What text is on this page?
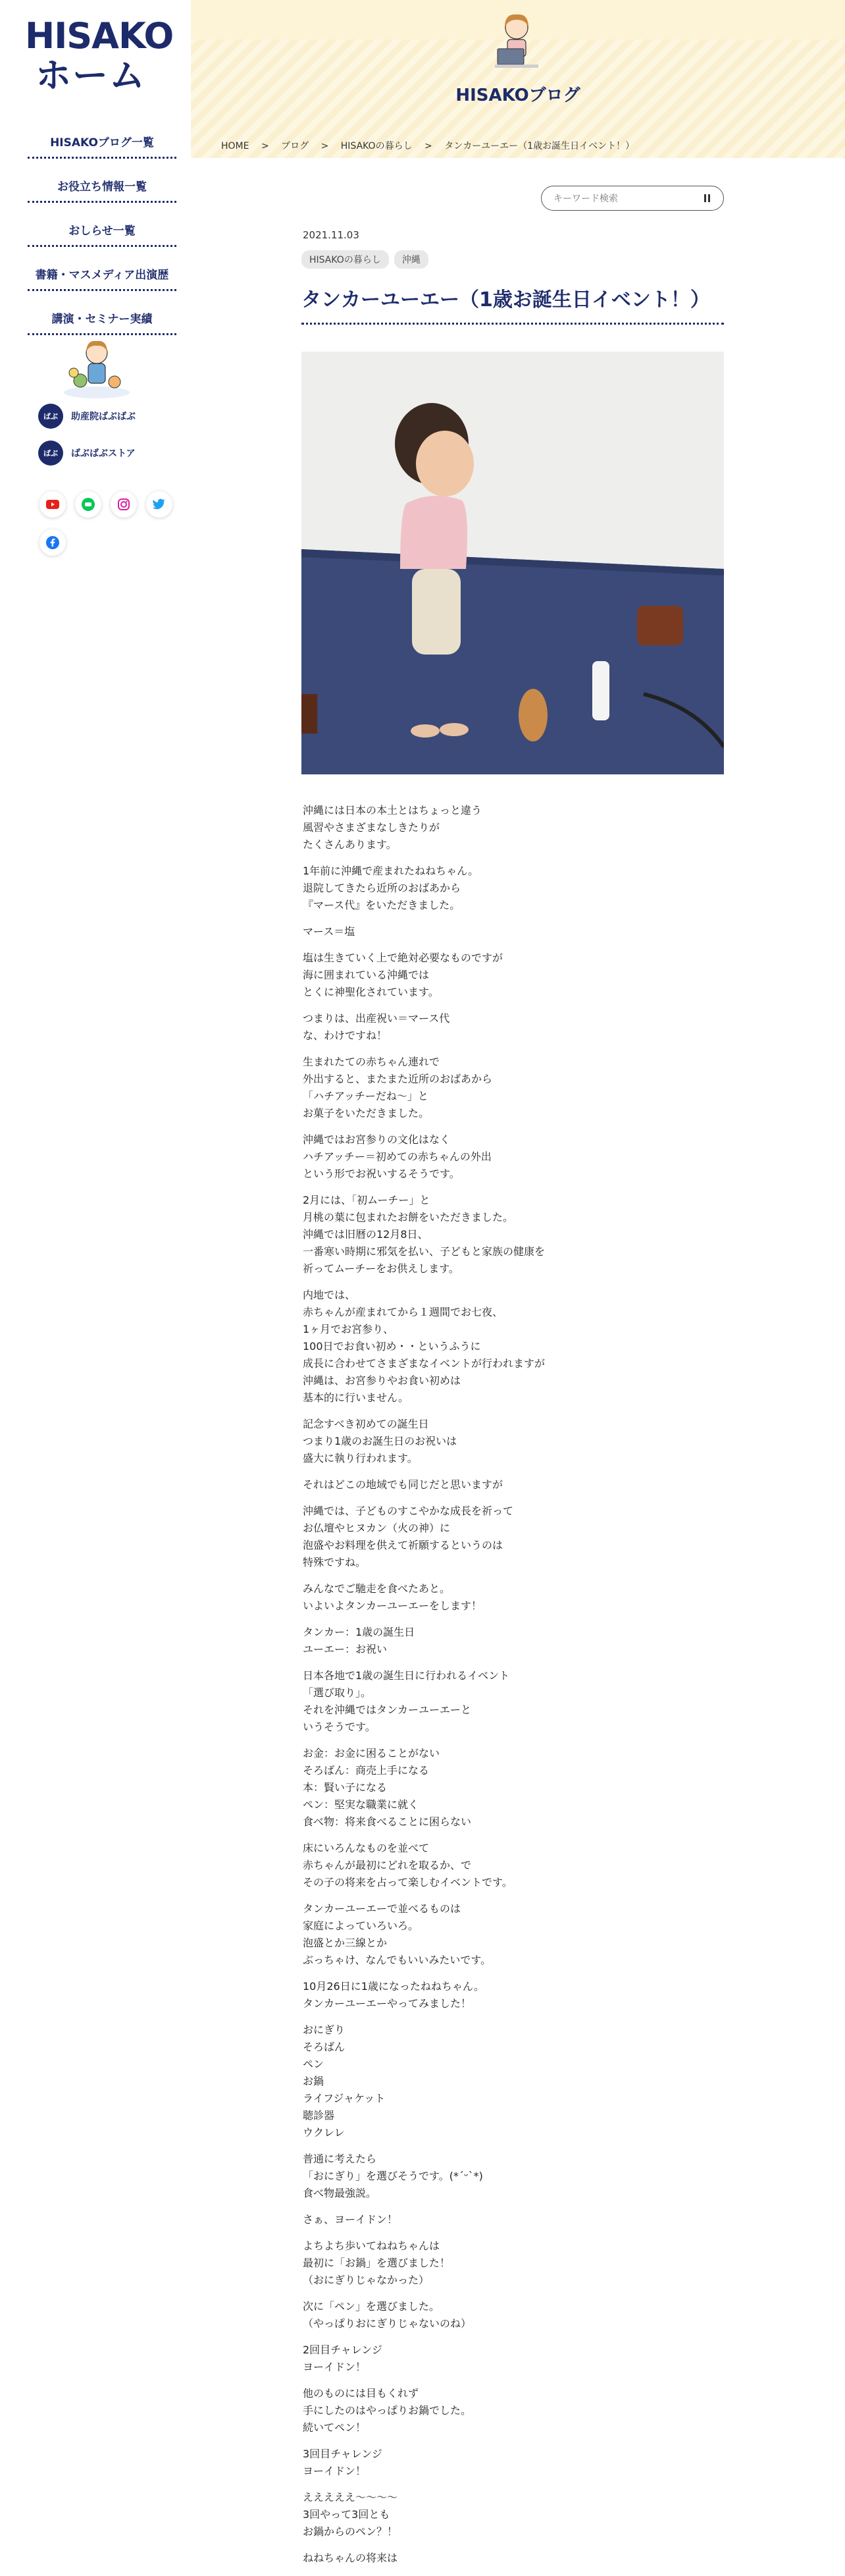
HISAKO
ホーム
HISAKOブログ一覧
お役立ち情報一覧
おしらせ一覧
書籍・マスメディア出演歴
講演・セミナー実績
ばぶ	助産院ばぶばぶ
ばぶ	ばぶばぶストア
HISAKOブログ
HOME > ブログ > HISAKOの暮らし > タンカーユーエー（1歳お誕生日イベント！）
キーワード検索
2021.11.03
HISAKOの暮らし	沖縄
タンカーユーエー（1歳お誕生日イベント！）

沖縄には日本の本土とはちょっと違う
風習やさまざまなしきたりが
たくさんあります。

1年前に沖縄で産まれたねねちゃん。
退院してきたら近所のおばあから
『マース代』をいただきました。

マース＝塩

塩は生きていく上で絶対必要なものですが
海に囲まれている沖縄では
とくに神聖化されています。

つまりは、出産祝い＝マース代
な、わけですね！

生まれたての赤ちゃん連れで
外出すると、またまた近所のおばあから
「ハチアッチーだね〜」と
お菓子をいただきました。

沖縄ではお宮参りの文化はなく
ハチアッチー＝初めての赤ちゃんの外出
という形でお祝いするそうです。

2月には、「初ムーチー」と
月桃の葉に包まれたお餅をいただきました。
沖縄では旧暦の12月8日、
一番寒い時期に邪気を払い、子どもと家族の健康を
祈ってムーチーをお供えします。

内地では、
赤ちゃんが産まれてから１週間でお七夜、
1ヶ月でお宮参り、
100日でお食い初め・・というふうに
成長に合わせてさまざまなイベントが行われますが
沖縄は、お宮参りやお食い初めは
基本的に行いません。

記念すべき初めての誕生日
つまり1歳のお誕生日のお祝いは
盛大に執り行われます。

それはどこの地域でも同じだと思いますが

沖縄では、子どものすこやかな成長を祈って
お仏壇やヒヌカン（火の神）に
泡盛やお料理を供えて祈願するというのは
特殊ですね。

みんなでご馳走を食べたあと。
いよいよタンカーユーエーをします！

タンカー：1歳の誕生日
ユーエー：お祝い

日本各地で1歳の誕生日に行われるイベント
「選び取り」。
それを沖縄ではタンカーユーエーと
いうそうです。

お金：お金に困ることがない
そろばん：商売上手になる
本：賢い子になる
ペン：堅実な職業に就く
食べ物：将来食べることに困らない

床にいろんなものを並べて
赤ちゃんが最初にどれを取るか、で
その子の将来を占って楽しむイベントです。

タンカーユーエーで並べるものは
家庭によっていろいろ。
泡盛とか三線とか
ぶっちゃけ、なんでもいいみたいです。

10月26日に1歳になったねねちゃん。
タンカーユーエーやってみました！

おにぎり
そろばん
ペン
お鍋
ライフジャケット
聴診器
ウクレレ

普通に考えたら
「おにぎり」を選びそうです。(*ˊᵕˋ*)
食べ物最強説。

さぁ、ヨーイドン！

よちよち歩いてねねちゃんは
最初に「お鍋」を選びました！
（おにぎりじゃなかった）

次に「ペン」を選びました。
（やっぱりおにぎりじゃないのね）

2回目チャレンジ
ヨーイドン！

他のものには目もくれず
手にしたのはやっぱりお鍋でした。
続いてペン！

3回目チャレンジ
ヨーイドン！

えええええ〜〜〜〜
3回やって3回とも
お鍋からのペン？！

ねねちゃんの将来は
